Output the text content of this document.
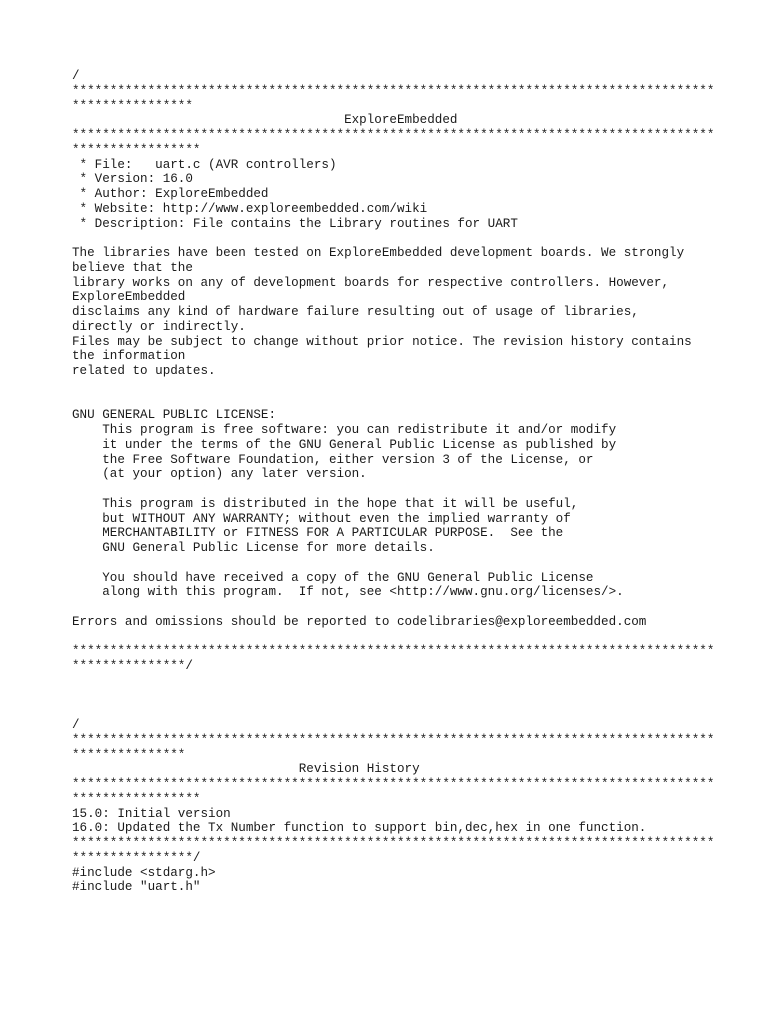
/
*************************************************************************************
****************
ExploreEmbedded
*************************************************************************************
*****************
* File:   uart.c (AVR controllers)
* Version: 16.0
* Author: ExploreEmbedded
* Website: http://www.exploreembedded.com/wiki
* Description: File contains the Library routines for UART
The libraries have been tested on ExploreEmbedded development boards. We strongly
believe that the
library works on any of development boards for respective controllers. However,
ExploreEmbedded
disclaims any kind of hardware failure resulting out of usage of libraries,
directly or indirectly.
Files may be subject to change without prior notice. The revision history contains
the information
related to updates.
GNU GENERAL PUBLIC LICENSE:
This program is free software: you can redistribute it and/or modify
it under the terms of the GNU General Public License as published by
the Free Software Foundation, either version 3 of the License, or
(at your option) any later version.
This program is distributed in the hope that it will be useful,
but WITHOUT ANY WARRANTY; without even the implied warranty of
MERCHANTABILITY or FITNESS FOR A PARTICULAR PURPOSE.  See the
GNU General Public License for more details.
You should have received a copy of the GNU General Public License
along with this program.  If not, see <http://www.gnu.org/licenses/>.
Errors and omissions should be reported to codelibraries@exploreembedded.com
*************************************************************************************
***************/
/
*************************************************************************************
***************
Revision History
*************************************************************************************
*****************
15.0: Initial version
16.0: Updated the Tx Number function to support bin,dec,hex in one function.
*************************************************************************************
****************/
#include <stdarg.h>
#include "uart.h"
